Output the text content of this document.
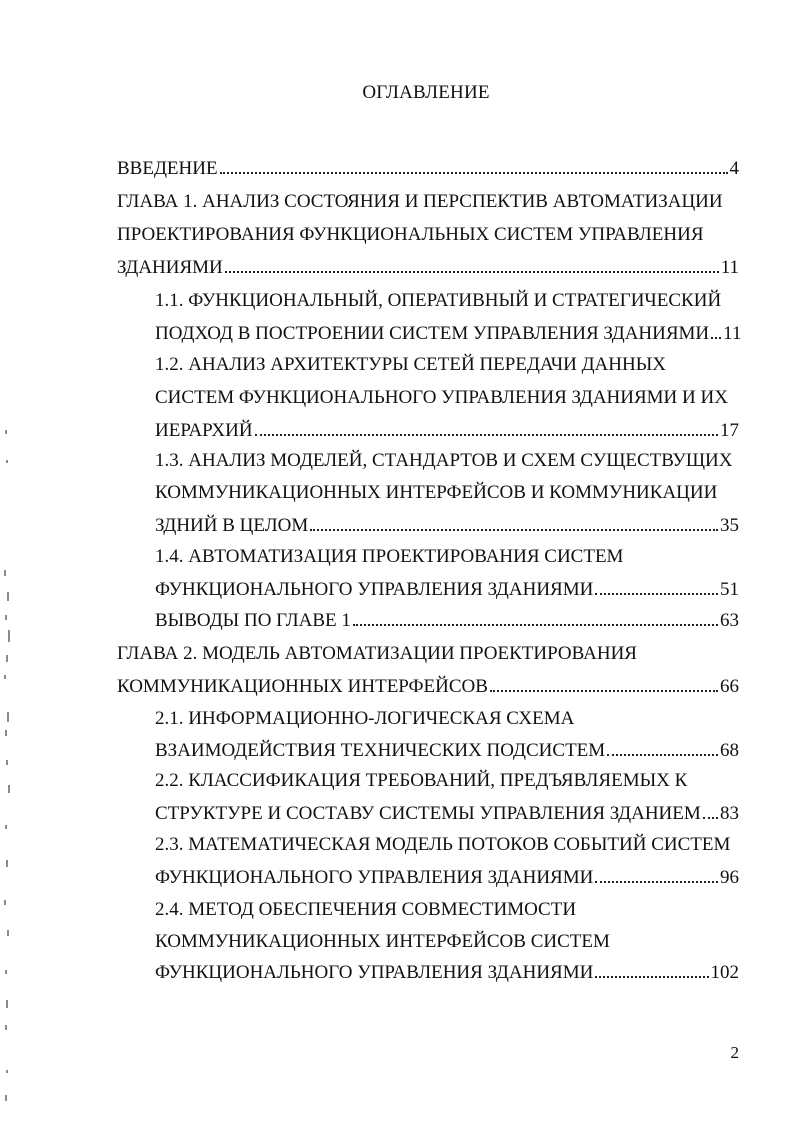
ОГЛАВЛЕНИЕ
ВВЕДЕНИЕ	4
ГЛАВА 1. АНАЛИЗ СОСТОЯНИЯ И ПЕРСПЕКТИВ АВТОМАТИЗАЦИИ
ПРОЕКТИРОВАНИЯ ФУНКЦИОНАЛЬНЫХ СИСТЕМ УПРАВЛЕНИЯ
ЗДАНИЯМИ	11
1.1. ФУНКЦИОНАЛЬНЫЙ, ОПЕРАТИВНЫЙ И СТРАТЕГИЧЕСКИЙ
ПОДХОД В ПОСТРОЕНИИ СИСТЕМ УПРАВЛЕНИЯ ЗДАНИЯМИ 11
1.2. АНАЛИЗ АРХИТЕКТУРЫ СЕТЕЙ ПЕРЕДАЧИ ДАННЫХ
СИСТЕМ ФУНКЦИОНАЛЬНОГО УПРАВЛЕНИЯ ЗДАНИЯМИ И ИХ
ИЕРАРХИЙ	17
1.3. АНАЛИЗ МОДЕЛЕЙ, СТАНДАРТОВ И СХЕМ СУЩЕСТВУЩИХ
КОММУНИКАЦИОННЫХ ИНТЕРФЕЙСОВ И КОММУНИКАЦИИ
ЗДНИЙ В ЦЕЛОМ	35
1.4. АВТОМАТИЗАЦИЯ ПРОЕКТИРОВАНИЯ СИСТЕМ
ФУНКЦИОНАЛЬНОГО УПРАВЛЕНИЯ ЗДАНИЯМИ	51
ВЫВОДЫ ПО ГЛАВЕ 1	63
ГЛАВА 2. МОДЕЛЬ АВТОМАТИЗАЦИИ ПРОЕКТИРОВАНИЯ
КОММУНИКАЦИОННЫХ ИНТЕРФЕЙСОВ	66
2.1. ИНФОРМАЦИОННО-ЛОГИЧЕСКАЯ СХЕМА
ВЗАИМОДЕЙСТВИЯ ТЕХНИЧЕСКИХ ПОДСИСТЕМ	68
2.2. КЛАССИФИКАЦИЯ ТРЕБОВАНИЙ, ПРЕДЪЯВЛЯЕМЫХ К
СТРУКТУРЕ И СОСТАВУ СИСТЕМЫ УПРАВЛЕНИЯ ЗДАНИЕМ 83
2.3. МАТЕМАТИЧЕСКАЯ МОДЕЛЬ ПОТОКОВ СОБЫТИЙ СИСТЕМ
ФУНКЦИОНАЛЬНОГО УПРАВЛЕНИЯ ЗДАНИЯМИ	96
2.4. МЕТОД ОБЕСПЕЧЕНИЯ СОВМЕСТИМОСТИ
КОММУНИКАЦИОННЫХ ИНТЕРФЕЙСОВ СИСТЕМ
ФУНКЦИОНАЛЬНОГО УПРАВЛЕНИЯ ЗДАНИЯМИ	102
2
